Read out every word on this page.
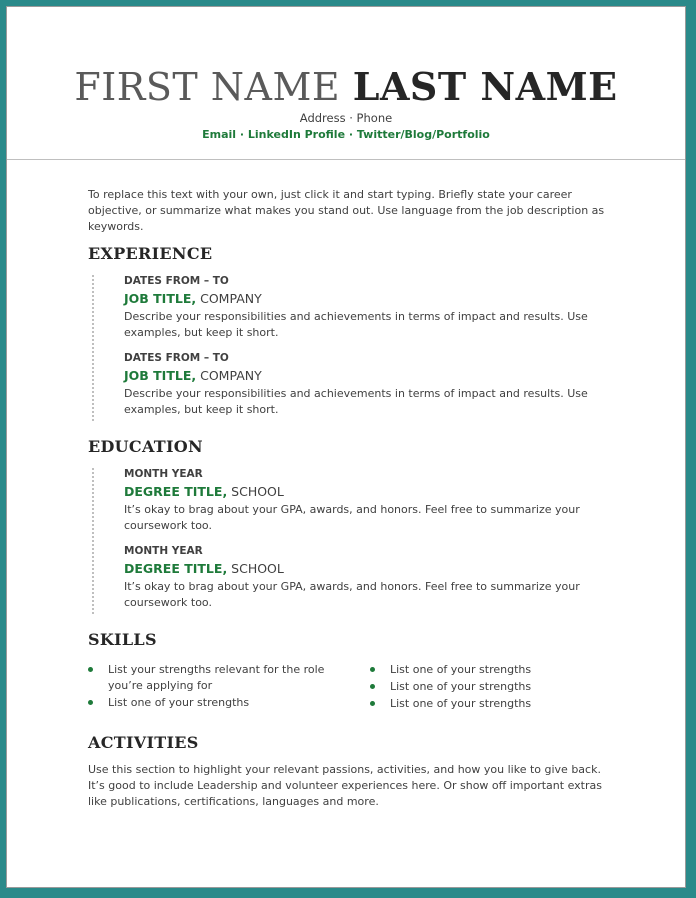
FIRST NAME LAST NAME
Address · Phone
Email · LinkedIn Profile · Twitter/Blog/Portfolio
To replace this text with your own, just click it and start typing. Briefly state your career objective, or summarize what makes you stand out. Use language from the job description as keywords.
EXPERIENCE
DATES FROM – TO
JOB TITLE, COMPANY
Describe your responsibilities and achievements in terms of impact and results. Use examples, but keep it short.
DATES FROM – TO
JOB TITLE, COMPANY
Describe your responsibilities and achievements in terms of impact and results. Use examples, but keep it short.
EDUCATION
MONTH YEAR
DEGREE TITLE, SCHOOL
It’s okay to brag about your GPA, awards, and honors. Feel free to summarize your coursework too.
MONTH YEAR
DEGREE TITLE, SCHOOL
It’s okay to brag about your GPA, awards, and honors. Feel free to summarize your coursework too.
SKILLS
List your strengths relevant for the role you’re applying for
List one of your strengths
List one of your strengths
List one of your strengths
List one of your strengths
ACTIVITIES
Use this section to highlight your relevant passions, activities, and how you like to give back. It’s good to include Leadership and volunteer experiences here. Or show off important extras like publications, certifications, languages and more.
